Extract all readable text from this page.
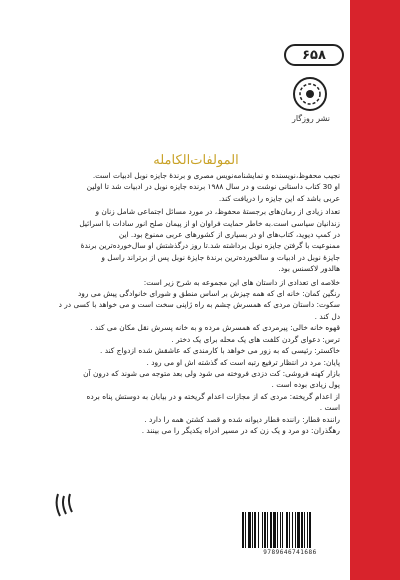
۶۵۸
نشر روزگار
المولفات‌الکامله

نجیب محفوظ،نویسنده و نمایشنامه‌نویس مصری و برندهٔ جایزه نوبل ادبیات است.

او 30 کتاب داستانی نوشت و در سال ۱۹۸۸ برنده جایزه نوبل در ادبیات شد تا اولین

عربی باشد که این جایزه را دریافت کند.

تعداد زیادی از رمان‌های برجستهٔ محفوظ، در مورد مسائل اجتماعی شامل زنان و

زندانیان سیاسی است.به خاطر حمایت فراوان او از پیمان صلح انور سادات با اسرائیل

در کمپ دیوید، کتاب‌های او در بسیاری از کشورهای عربی ممنوع بود. این

ممنوعیت با گرفتن جایزه نوبل برداشته شد.تا روز درگذشتش او سال‌خورده‌ترین برندهٔ

جایزهٔ نوبل در ادبیات و سالخورده‌ترین برندهٔ جایزهٔ نوبل پس از برتراند راسل و

هالدور لاکسنس بود.

خلاصه ای تعدادی از داستان های این مجموعه به شرح زیر است:

رنگین کمان: خانه ای که همه چیزش بر اساس منطق و شورای خانوادگی پیش می رود

سکوت: داستان مردی که همسرش چشم به راه ژاپنی سخت است و می خواهد با کسی در د

دل کند .

قهوه خانه خالی: پیرمردی که همسرش مرده و به خانه پسرش نقل مکان می کند .

ترس: دعوای گردن کلفت های یک محله برای یک دختر .

خاکستر: رئیسی که به زور می خواهد با کارمندی که عاشقش شده ازدواج کند .

پایان: مرد در انتظار ترفیع رتبه است که گذشته اش او می رود .

بازار کهنه فروشی: کت دزدی فروخته می شود ولی بعد متوجه می شوند که درون آن

پول زیادی بوده است .

از اعدام گریخته: مردی که از مجازات اعدام گریخته و در بیابان به دوستش پناه برده

است .

راننده قطار: راننده قطار دیوانه شده و قصد کشتن همه را دارد .

رهگذران: دو مرد و یک زن که در مسیر ادراه یکدیگر را می بینند .

9789646741686
